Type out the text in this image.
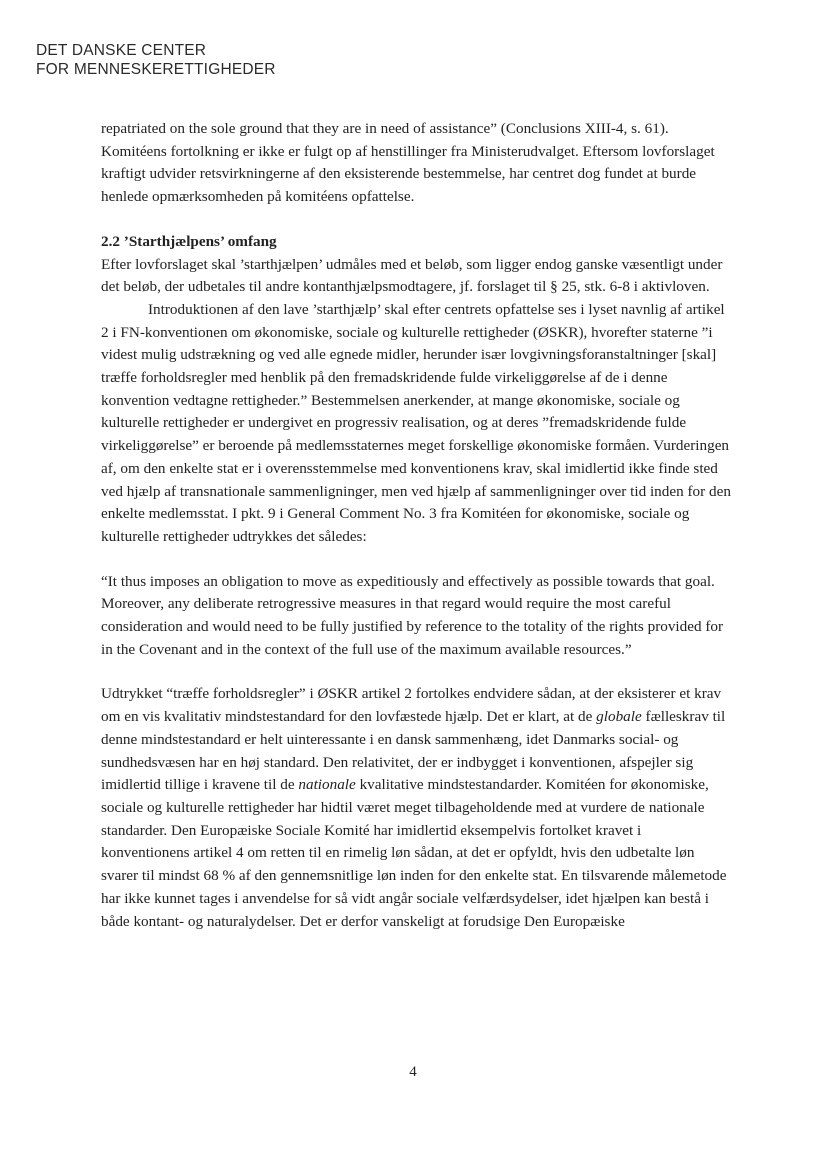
DET DANSKE CENTER
FOR MENNESKERETTIGHEDER

repatriated on the sole ground that they are in need of assistance” (Conclusions XIII-4, s. 61). Komitéens fortolkning er ikke er fulgt op af henstillinger fra Ministerudvalget. Eftersom lovforslaget kraftigt udvider retsvirkningerne af den eksisterende bestemmelse, har centret dog fundet at burde henlede opmærksomheden på komitéens opfattelse.

2.2 ’Starthjælpens’ omfang

Efter lovforslaget skal ’starthjælpen’ udmåles med et beløb, som ligger endog ganske væsentligt under det beløb, der udbetales til andre kontanthjælpsmodtagere, jf. forslaget til § 25, stk. 6-8 i aktivloven.

Introduktionen af den lave ’starthjælp’ skal efter centrets opfattelse ses i lyset navnlig af artikel 2 i FN-konventionen om økonomiske, sociale og kulturelle rettigheder (ØSKR), hvorefter staterne ”i videst mulig udstrækning og ved alle egnede midler, herunder især lovgivningsforanstaltninger [skal] træffe forholdsregler med henblik på den fremadskridende fulde virkeliggørelse af de i denne konvention vedtagne rettigheder.” Bestemmelsen anerkender, at mange økonomiske, sociale og kulturelle rettigheder er undergivet en progressiv realisation, og at deres ”fremadskridende fulde virkeliggørelse” er beroende på medlemsstaternes meget forskellige økonomiske formåen. Vurderingen af, om den enkelte stat er i overensstemmelse med konventionens krav, skal imidlertid ikke finde sted ved hjælp af transnationale sammenligninger, men ved hjælp af sammenligninger over tid inden for den enkelte medlemsstat. I pkt. 9 i General Comment No. 3 fra Komitéen for økonomiske, sociale og kulturelle rettigheder udtrykkes det således:

“It thus imposes an obligation to move as expeditiously and effectively as possible towards that goal. Moreover, any deliberate retrogressive measures in that regard would require the most careful consideration and would need to be fully justified by reference to the totality of the rights provided for in the Covenant and in the context of the full use of the maximum available resources.”

Udtrykket “træffe forholdsregler” i ØSKR artikel 2 fortolkes endvidere sådan, at der eksisterer et krav om en vis kvalitativ mindstestandard for den lovfæstede hjælp. Det er klart, at de globale fælleskrav til denne mindstestandard er helt uinteressante i en dansk sammenhæng, idet Danmarks social- og sundhedsvæsen har en høj standard. Den relativitet, der er indbygget i konventionen, afspejler sig imidlertid tillige i kravene til de nationale kvalitative mindstestandarder. Komitéen for økonomiske, sociale og kulturelle rettigheder har hidtil været meget tilbageholdende med at vurdere de nationale standarder. Den Europæiske Sociale Komité har imidlertid eksempelvis fortolket kravet i konventionens artikel 4 om retten til en rimelig løn sådan, at det er opfyldt, hvis den udbetalte løn svarer til mindst 68 % af den gennemsnitlige løn inden for den enkelte stat. En tilsvarende målemetode har ikke kunnet tages i anvendelse for så vidt angår sociale velfærdsydelser, idet hjælpen kan bestå i både kontant- og naturalydelser. Det er derfor vanskeligt at forudsige Den Europæiske

4
